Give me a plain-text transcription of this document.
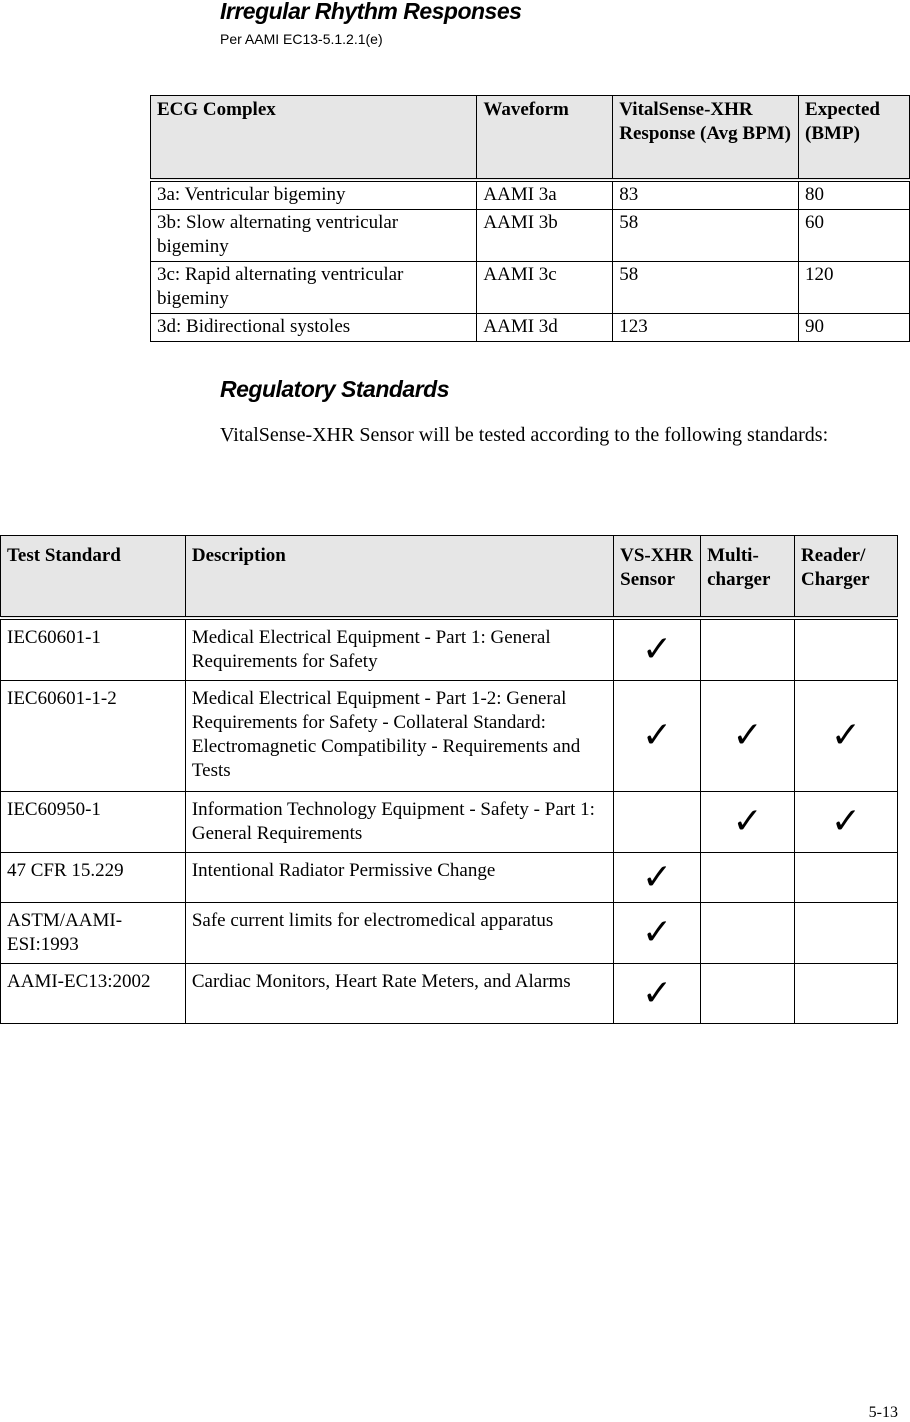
Irregular Rhythm Responses
Per AAMI EC13-5.1.2.1(e)
ECG Complex	Waveform	VitalSense-XHR Response (Avg BPM)	Expected (BMP)
3a: Ventricular bigeminy	AAMI 3a	83	80
3b: Slow alternating ventricular bigeminy	AAMI 3b	58	60
3c: Rapid alternating ventricular bigeminy	AAMI 3c	58	120
3d: Bidirectional systoles	AAMI 3d	123	90
Regulatory Standards

VitalSense-XHR Sensor will be tested according to the following standards:

Test Standard	Description	VS-XHR Sensor	Multi-charger	Reader/ Charger
IEC60601-1	Medical Electrical Equipment - Part 1: General Requirements for Safety	✓		
IEC60601-1-2	Medical Electrical Equipment - Part 1-2: General Requirements for Safety - Collateral Standard: Electromagnetic Compatibility - Requirements and Tests	✓	✓	✓
IEC60950-1	Information Technology Equipment - Safety - Part 1: General Requirements		✓	✓
47 CFR 15.229	Intentional Radiator Permissive Change	✓		
ASTM/AAMI-ESI:1993	Safe current limits for electromedical apparatus	✓		
AAMI-EC13:2002	Cardiac Monitors, Heart Rate Meters, and Alarms	✓		
5-13
